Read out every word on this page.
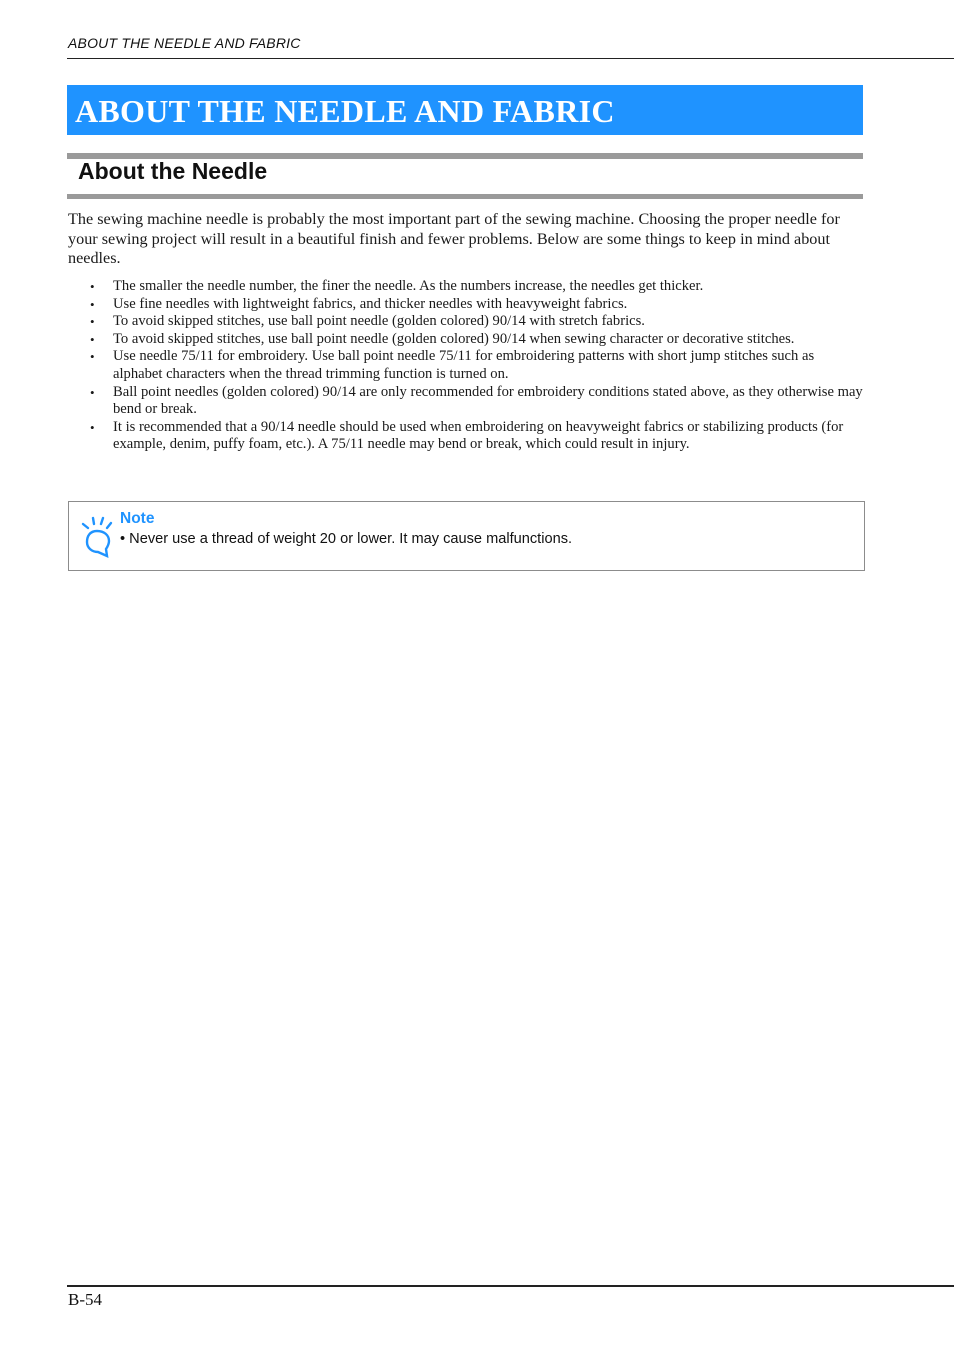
ABOUT THE NEEDLE AND FABRIC
ABOUT THE NEEDLE AND FABRIC
About the Needle
The sewing machine needle is probably the most important part of the sewing machine. Choosing the proper needle for your sewing project will result in a beautiful finish and fewer problems. Below are some things to keep in mind about needles.
• The smaller the needle number, the finer the needle. As the numbers increase, the needles get thicker.
• Use fine needles with lightweight fabrics, and thicker needles with heavyweight fabrics.
• To avoid skipped stitches, use ball point needle (golden colored) 90/14 with stretch fabrics.
• To avoid skipped stitches, use ball point needle (golden colored) 90/14 when sewing character or decorative stitches.
• Use needle 75/11 for embroidery. Use ball point needle 75/11 for embroidering patterns with short jump stitches such as alphabet characters when the thread trimming function is turned on.
• Ball point needles (golden colored) 90/14 are only recommended for embroidery conditions stated above, as they otherwise may bend or break.
• It is recommended that a 90/14 needle should be used when embroidering on heavyweight fabrics or stabilizing products (for example, denim, puffy foam, etc.). A 75/11 needle may bend or break, which could result in injury.
Note
• Never use a thread of weight 20 or lower. It may cause malfunctions.
B-54
